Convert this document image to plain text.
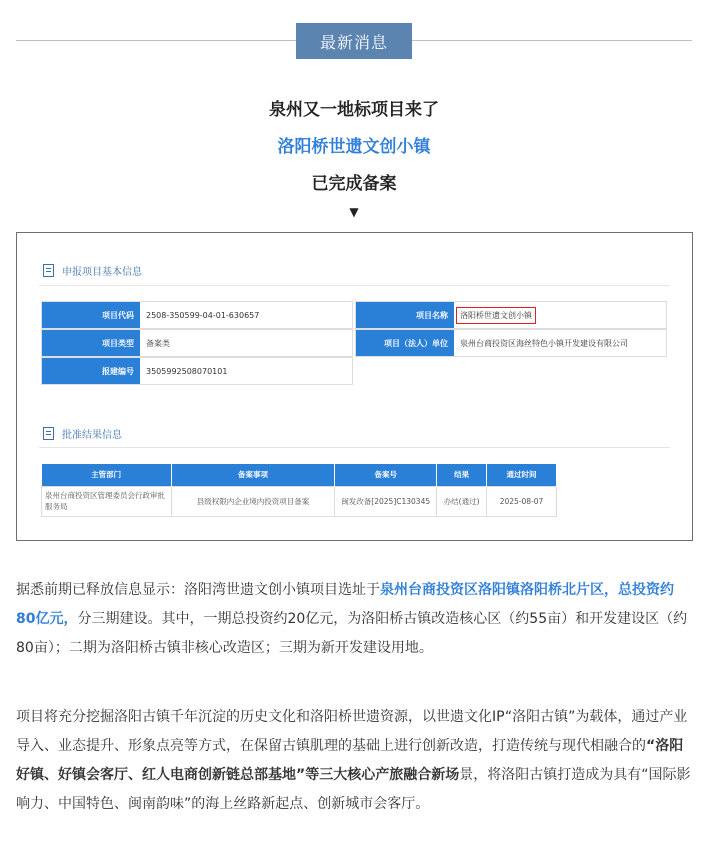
最新消息
泉州又一地标项目来了
洛阳桥世遗文创小镇
已完成备案
▼
申报项目基本信息
项目代码	2508-350599-04-01-630657	项目名称	洛阳桥世遗文创小镇
项目类型	备案类	项目（法人）单位	泉州台商投资区海丝特色小镇开发建设有限公司
报建编号	3505992508070101
批准结果信息
主管部门	备案事项	备案号	结果	通过时间
泉州台商投资区管理委员会行政审批服务局	县级权限内企业境内投资项目备案	闽发改备[2025]C130345	办结(通过)	2025-08-07
据悉前期已释放信息显示：洛阳湾世遗文创小镇项目选址于泉州台商投资区洛阳镇洛阳桥北片区，总投资约80亿元，分三期建设。其中，一期总投资约20亿元，为洛阳桥古镇改造核心区（约55亩）和开发建设区（约80亩）；二期为洛阳桥古镇非核心改造区；三期为新开发建设用地。
项目将充分挖掘洛阳古镇千年沉淀的历史文化和洛阳桥世遗资源，以世遗文化IP“洛阳古镇”为载体，通过产业导入、业态提升、形象点亮等方式，在保留古镇肌理的基础上进行创新改造，打造传统与现代相融合的“洛阳好镇、好镇会客厅、红人电商创新链总部基地”等三大核心产旅融合新场景，将洛阳古镇打造成为具有“国际影响力、中国特色、闽南韵味”的海上丝路新起点、创新城市会客厅。
